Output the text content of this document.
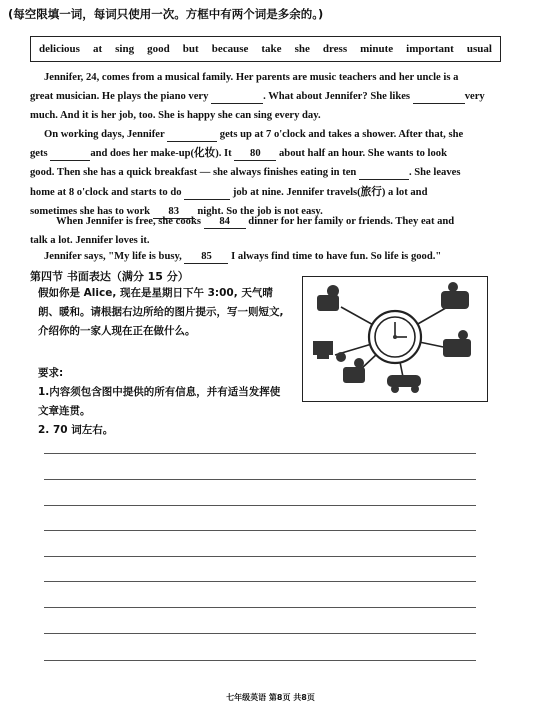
(每空限填一词，每词只使用一次。方框中有两个词是多余的。)
delicious at sing good but because take she dress minute important usual
Jennifer, 24, comes from a musical family. Her parents are music teachers and her uncle is a
great musician. He plays the piano very	. What about Jennifer? She likes	very
much. And it is her job, too. She is happy she can sing every day.
On working days, Jennifer	gets up at 7 o'clock and takes a shower. After that, she
gets	and does her make-up(化妆). It 80 about half an hour. She wants to look
good. Then she has a quick breakfast — she always finishes eating in ten	. She leaves
home at 8 o'clock and starts to do	job at nine. Jennifer travels(旅行) a lot and
sometimes she has to work 83 night. So the job is not easy.
When Jennifer is free, she cooks 84 dinner for her family or friends. They eat and
talk a lot. Jennifer loves it.
Jennifer says, "My life is busy, 85 I always find time to have fun. So life is good."
第四节 书面表达（满分 15 分）
假如你是 Alice, 现在是星期日下午 3:00, 天气晴
朗、暖和。请根据右边所给的图片提示，写一则短文,
介绍你的一家人现在正在做什么。
要求:
1.内容须包含图中提供的所有信息，并有适当发挥使
文章连贯。
2. 70 词左右。
七年级英语 第8页 共8页
